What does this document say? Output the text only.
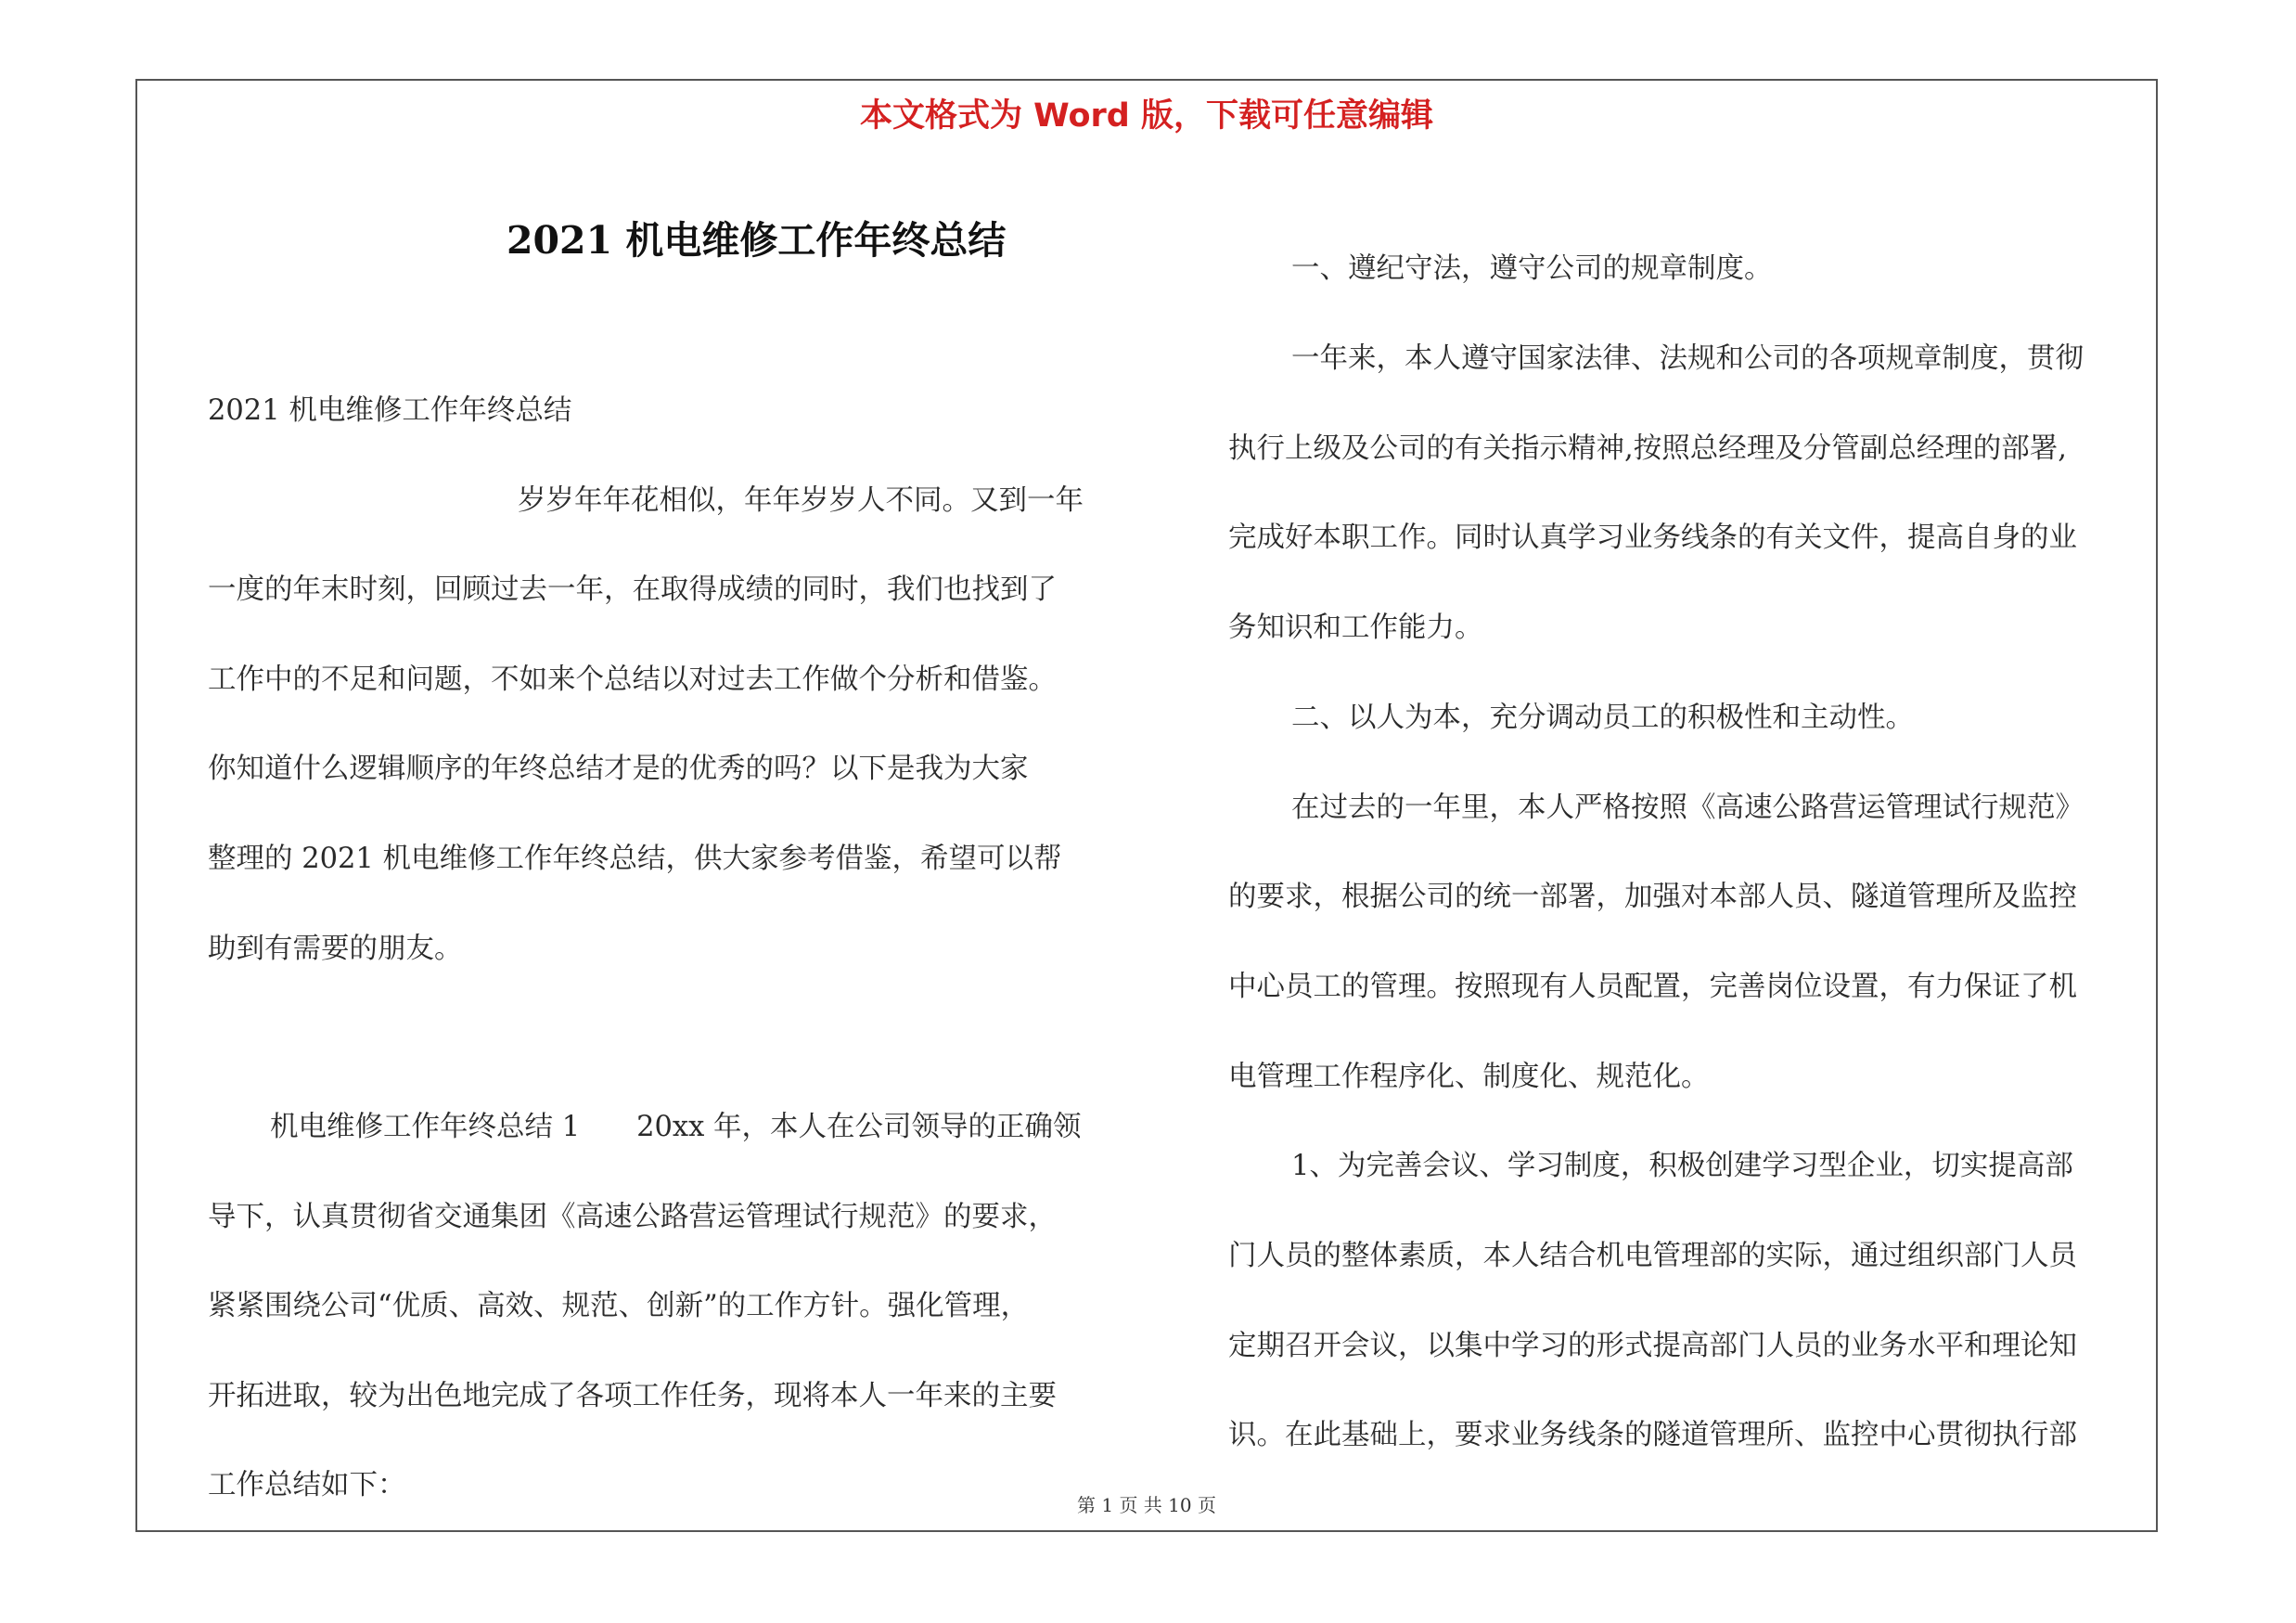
本文格式为 Word 版，下载可任意编辑
2021 机电维修工作年终总结
2021 机电维修工作年终总结
岁岁年年花相似，年年岁岁人不同。又到一年
一度的年末时刻，回顾过去一年，在取得成绩的同时，我们也找到了
工作中的不足和问题，不如来个总结以对过去工作做个分析和借鉴。
你知道什么逻辑顺序的年终总结才是的优秀的吗？以下是我为大家
整理的 2021 机电维修工作年终总结，供大家参考借鉴，希望可以帮
助到有需要的朋友。
机电维修工作年终总结 1　　20xx 年，本人在公司领导的正确领
导下，认真贯彻省交通集团《高速公路营运管理试行规范》的要求，
紧紧围绕公司“优质、高效、规范、创新”的工作方针。强化管理，
开拓进取，较为出色地完成了各项工作任务，现将本人一年来的主要
工作总结如下：
一、遵纪守法，遵守公司的规章制度。
一年来，本人遵守国家法律、法规和公司的各项规章制度，贯彻
执行上级及公司的有关指示精神,按照总经理及分管副总经理的部署,
完成好本职工作。同时认真学习业务线条的有关文件，提高自身的业
务知识和工作能力。
二、以人为本，充分调动员工的积极性和主动性。
在过去的一年里，本人严格按照《高速公路营运管理试行规范》
的要求，根据公司的统一部署，加强对本部人员、隧道管理所及监控
中心员工的管理。按照现有人员配置，完善岗位设置，有力保证了机
电管理工作程序化、制度化、规范化。
1、为完善会议、学习制度，积极创建学习型企业，切实提高部
门人员的整体素质，本人结合机电管理部的实际，通过组织部门人员
定期召开会议，以集中学习的形式提高部门人员的业务水平和理论知
识。在此基础上，要求业务线条的隧道管理所、监控中心贯彻执行部
第 1 页 共 10 页
